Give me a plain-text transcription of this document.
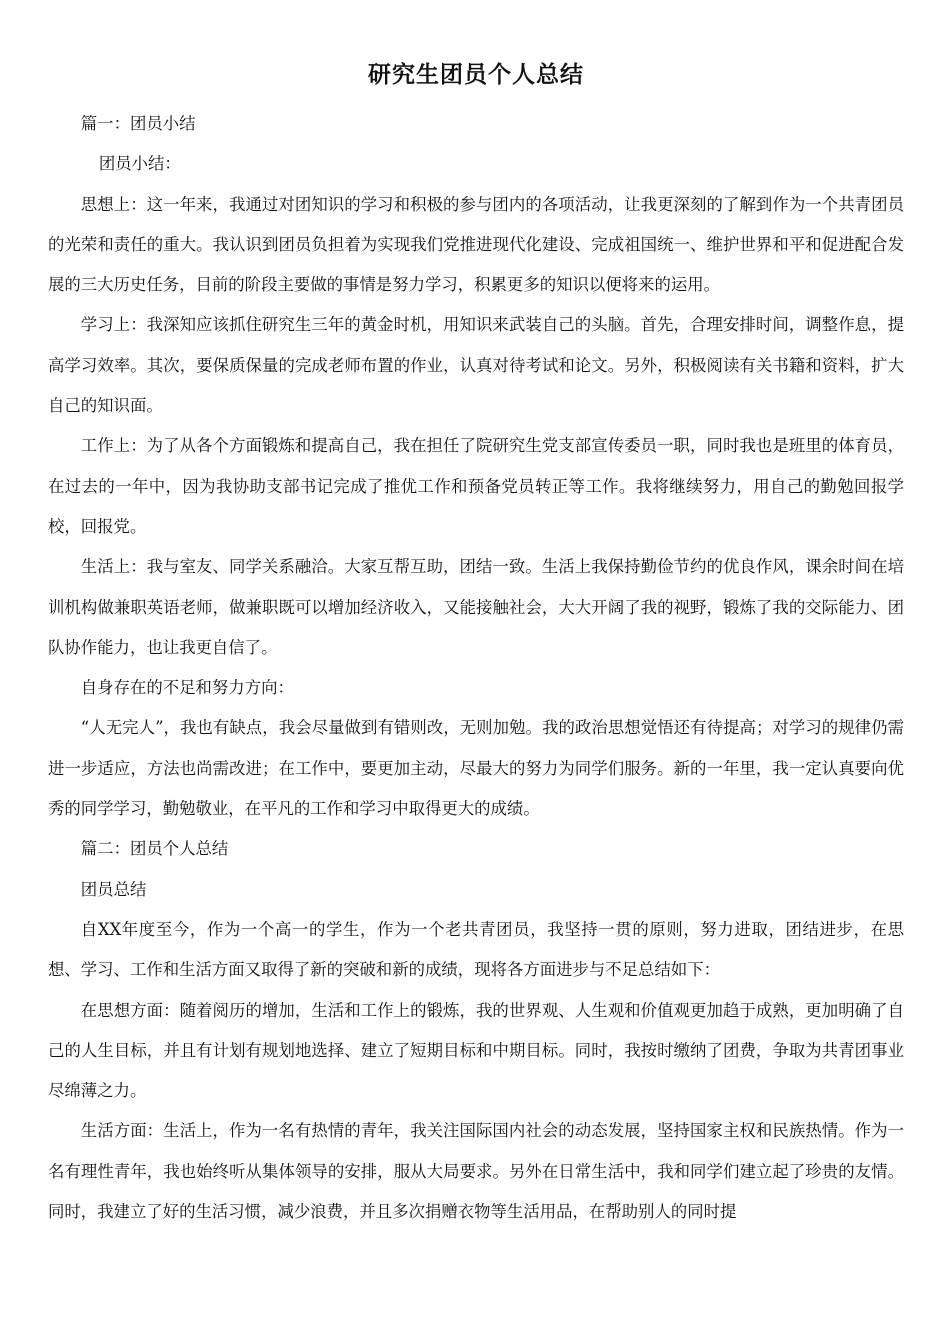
研究生团员个人总结

篇一：团员小结

团员小结：

思想上：这一年来，我通过对团知识的学习和积极的参与团内的各项活动，让我更深刻的了解到作为一个共青团员的光荣和责任的重大。我认识到团员负担着为实现我们党推进现代化建设、完成祖国统一、维护世界和平和促进配合发展的三大历史任务，目前的阶段主要做的事情是努力学习，积累更多的知识以便将来的运用。

学习上：我深知应该抓住研究生三年的黄金时机，用知识来武装自己的头脑。首先，合理安排时间，调整作息，提高学习效率。其次，要保质保量的完成老师布置的作业，认真对待考试和论文。另外，积极阅读有关书籍和资料，扩大自己的知识面。

工作上：为了从各个方面锻炼和提高自己，我在担任了院研究生党支部宣传委员一职，同时我也是班里的体育员，在过去的一年中，因为我协助支部书记完成了推优工作和预备党员转正等工作。我将继续努力，用自己的勤勉回报学校，回报党。

生活上：我与室友、同学关系融洽。大家互帮互助，团结一致。生活上我保持勤俭节约的优良作风，课余时间在培训机构做兼职英语老师，做兼职既可以增加经济收入，又能接触社会，大大开阔了我的视野，锻炼了我的交际能力、团队协作能力，也让我更自信了。

自身存在的不足和努力方向：

“人无完人”，我也有缺点，我会尽量做到有错则改，无则加勉。我的政治思想觉悟还有待提高；对学习的规律仍需进一步适应，方法也尚需改进；在工作中，要更加主动，尽最大的努力为同学们服务。新的一年里，我一定认真要向优秀的同学学习，勤勉敬业，在平凡的工作和学习中取得更大的成绩。

篇二：团员个人总结

团员总结

自XX年度至今，作为一个高一的学生，作为一个老共青团员，我坚持一贯的原则，努力进取，团结进步，在思想、学习、工作和生活方面又取得了新的突破和新的成绩，现将各方面进步与不足总结如下：

在思想方面：随着阅历的增加，生活和工作上的锻炼，我的世界观、人生观和价值观更加趋于成熟，更加明确了自己的人生目标，并且有计划有规划地选择、建立了短期目标和中期目标。同时，我按时缴纳了团费，争取为共青团事业尽绵薄之力。

生活方面：生活上，作为一名有热情的青年，我关注国际国内社会的动态发展，坚持国家主权和民族热情。作为一名有理性青年，我也始终听从集体领导的安排，服从大局要求。另外在日常生活中，我和同学们建立起了珍贵的友情。同时，我建立了好的生活习惯，减少浪费，并且多次捐赠衣物等生活用品，在帮助别人的同时提
